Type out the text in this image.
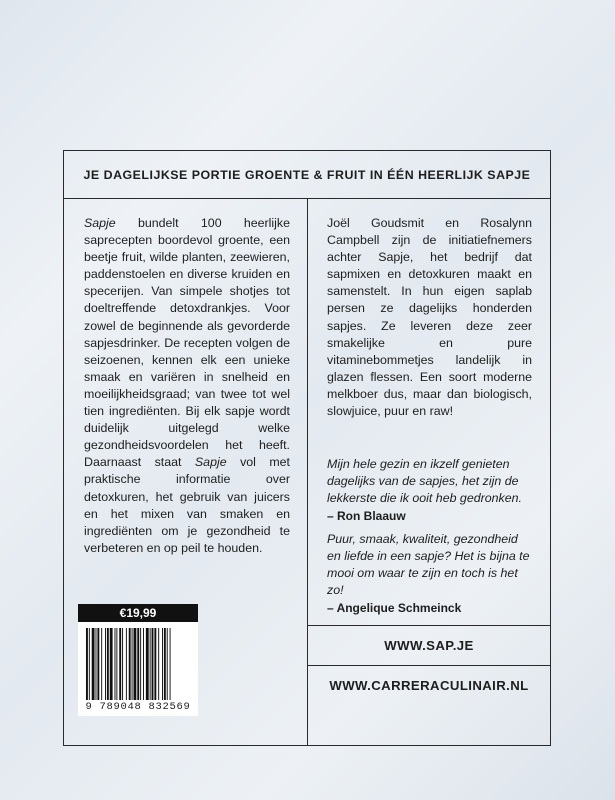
JE DAGELIJKSE PORTIE GROENTE & FRUIT IN ÉÉN HEERLIJK SAPJE
Sapje bundelt 100 heerlijke saprecepten boordevol groente, een beetje fruit, wilde planten, zeewieren, paddenstoelen en diverse kruiden en specerijen. Van simpele shotjes tot doeltreffende detoxdrankjes. Voor zowel de beginnende als gevorderde sapjesdrinker. De recepten volgen de seizoenen, kennen elk een unieke smaak en variëren in snelheid en moeilijkheidsgraad; van twee tot wel tien ingrediënten. Bij elk sapje wordt duidelijk uitgelegd welke gezondheidsvoordelen het heeft. Daarnaast staat Sapje vol met praktische informatie over detoxkuren, het gebruik van juicers en het mixen van smaken en ingrediënten om je gezondheid te verbeteren en op peil te houden.
Joël Goudsmit en Rosalynn Campbell zijn de initiatiefnemers achter Sapje, het bedrijf dat sapmixen en detoxkuren maakt en samenstelt. In hun eigen saplab persen ze dagelijks honderden sapjes. Ze leveren deze zeer smakelijke en pure vitaminebommetjes landelijk in glazen flessen. Een soort moderne melkboer dus, maar dan biologisch, slowjuice, puur en raw!

Mijn hele gezin en ikzelf genieten dagelijks van de sapjes, het zijn de lekkerste die ik ooit heb gedronken.

– Ron Blaauw

Puur, smaak, kwaliteit, gezondheid en liefde in een sapje? Het is bijna te mooi om waar te zijn en toch is het zo!

– Angelique Schmeinck

WWW.SAP.JE
WWW.CARRERACULINAIR.NL
€19,99
9 789048 832569
